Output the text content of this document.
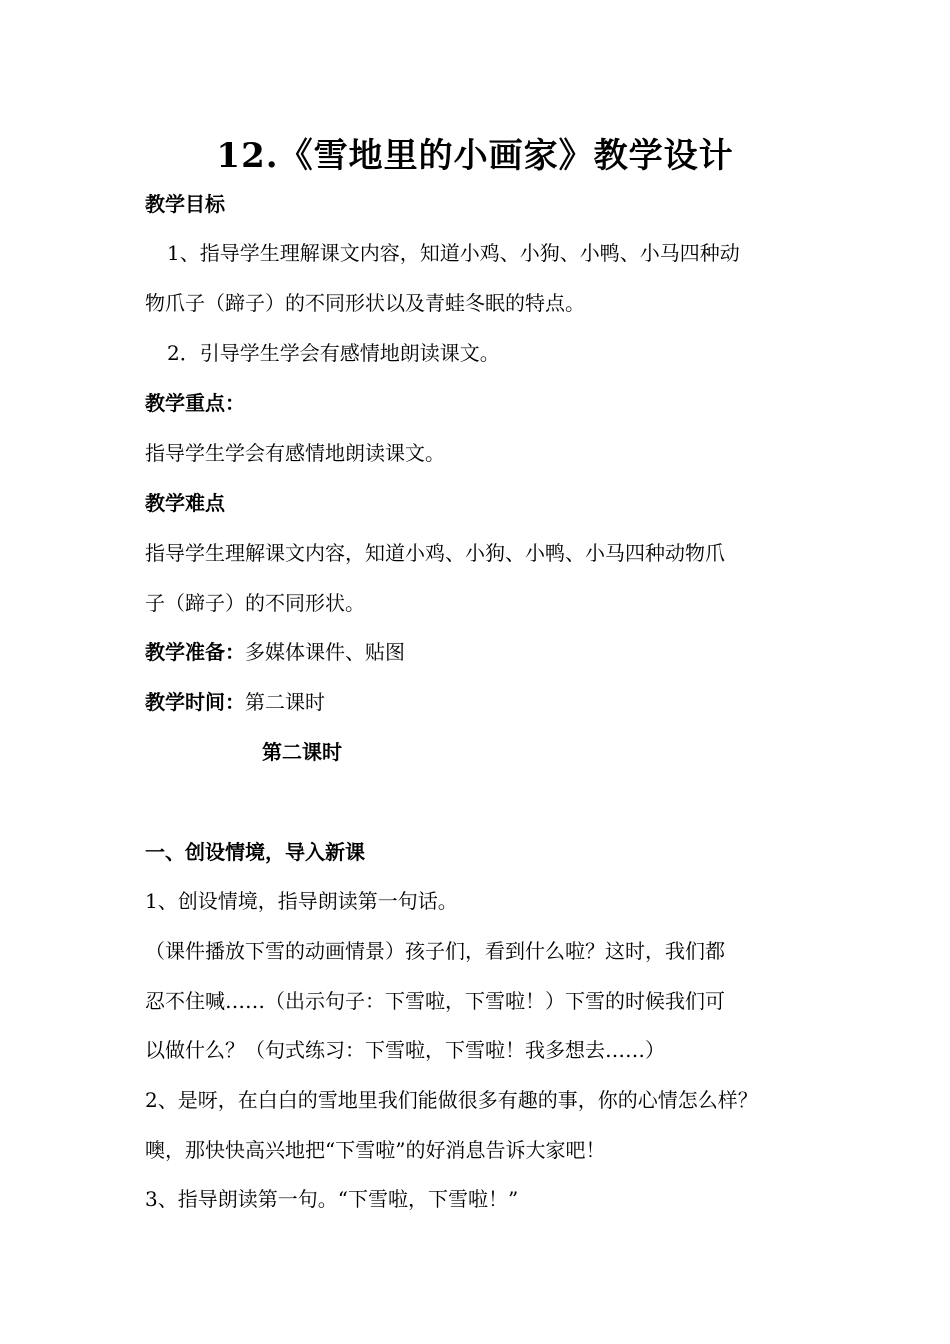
12.《雪地里的小画家》教学设计
教学目标
1、指导学生理解课文内容，知道小鸡、小狗、小鸭、小马四种动
物爪子（蹄子）的不同形状以及青蛙冬眠的特点。
2．引导学生学会有感情地朗读课文。
教学重点：
指导学生学会有感情地朗读课文。
教学难点
指导学生理解课文内容，知道小鸡、小狗、小鸭、小马四种动物爪
子（蹄子）的不同形状。
教学准备：多媒体课件、贴图
教学时间：第二课时
第二课时
一、创设情境，导入新课
1、创设情境，指导朗读第一句话。
（课件播放下雪的动画情景）孩子们，看到什么啦？这时，我们都
忍不住喊……（出示句子：下雪啦，下雪啦！）下雪的时候我们可
以做什么？（句式练习：下雪啦，下雪啦！我多想去……）
2、是呀，在白白的雪地里我们能做很多有趣的事，你的心情怎么样？
噢，那快快高兴地把“下雪啦”的好消息告诉大家吧！
3、指导朗读第一句。“下雪啦，下雪啦！”
